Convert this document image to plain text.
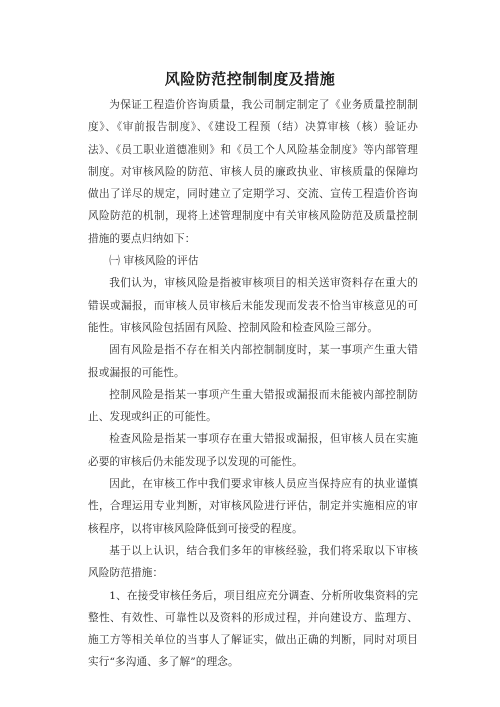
风险防范控制制度及措施

为保证工程造价咨询质量，我公司制定制定了《业务质量控制制度》、《审前报告制度》、《建设工程预（结）决算审核（核）验证办法》、《员工职业道德准则》和《员工个人风险基金制度》等内部管理制度。对审核风险的防范、审核人员的廉政执业、审核质量的保障均做出了详尽的规定，同时建立了定期学习、交流、宣传工程造价咨询风险防范的机制，现将上述管理制度中有关审核风险防范及质量控制措施的要点归纳如下：

㈠ 审核风险的评估

我们认为，审核风险是指被审核项目的相关送审资料存在重大的错误或漏报，而审核人员审核后未能发现而发表不恰当审核意见的可能性。审核风险包括固有风险、控制风险和检查风险三部分。

固有风险是指不存在相关内部控制制度时，某一事项产生重大错报或漏报的可能性。

控制风险是指某一事项产生重大错报或漏报而未能被内部控制防止、发现或纠正的可能性。

检查风险是指某一事项存在重大错报或漏报，但审核人员在实施必要的审核后仍未能发现予以发现的可能性。

因此，在审核工作中我们要求审核人员应当保持应有的执业谨慎性，合理运用专业判断，对审核风险进行评估，制定并实施相应的审核程序，以将审核风险降低到可接受的程度。

基于以上认识，结合我们多年的审核经验，我们将采取以下审核风险防范措施：

1、在接受审核任务后，项目组应充分调查、分析所收集资料的完整性、有效性、可靠性以及资料的形成过程，并向建设方、监理方、施工方等相关单位的当事人了解证实，做出正确的判断，同时对项目实行“多沟通、多了解”的理念。
